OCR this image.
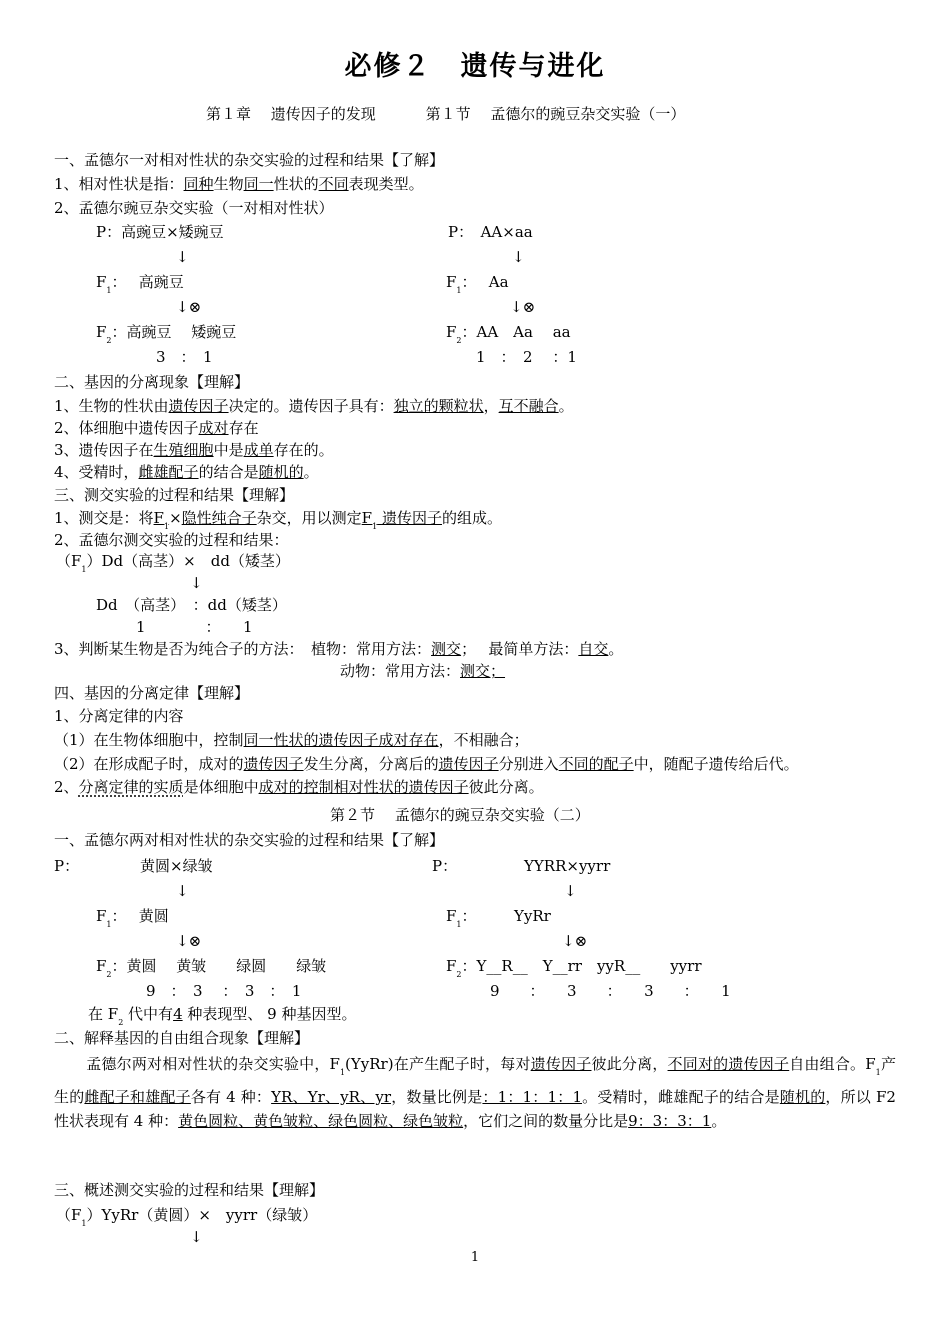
必修２　遗传与进化
第１章　 遗传因子的发现　　　	第１节　 孟德尔的豌豆杂交实验（一）
一、孟德尔一对相对性状的杂交实验的过程和结果【了解】
1、相对性状是指：同种生物同一性状的不同表现类型。
2、孟德尔豌豆杂交实验（一对相对性状）
P：高豌豆×矮豌豆
↓
$F_1$：　 高豌豆
↓⊗
$F_2$：高豌豆　 矮豌豆
3　：　1
P：　AA×aa
↓
$F_1$：　 Aa
↓⊗
$F_2$：AA　Aa　 aa
1　：　2　 ：1
二、基因的分离现象【理解】
1、生物的性状由遗传因子决定的。遗传因子具有：独立的颗粒状，互不融合。
2、体细胞中遗传因子成对存在
3、遗传因子在生殖细胞中是成单存在的。
4、受精时，雌雄配子的结合是随机的。
三、测交实验的过程和结果【理解】
1、测交是：将$F_1\times$隐性纯合子杂交，用以测定$F_1$ 遗传因子的组成。
2、孟德尔测交实验的过程和结果：
$(F_1)Dd$（高茎）×　dd（矮茎）
↓
Dd　（高茎）　：dd（矮茎）
1　　　　：　　1
3、判断某生物是否为纯合子的方法：　植物：常用方法：测交；　 最简单方法：自交。
动物：常用方法：测交；
四、基因的分离定律【理解】
1、分离定律的内容
（1）在生物体细胞中，控制同一性状的遗传因子成对存在，不相融合；
（2）在形成配子时，成对的遗传因子发生分离，分离后的遗传因子分别进入不同的配子中，随配子遗传给后代。
2、分离定律的实质是体细胞中成对的控制相对性状的遗传因子彼此分离。
第２节　 孟德尔的豌豆杂交实验（二）
一、孟德尔两对相对性状的杂交实验的过程和结果【了解】
P：	黄圆×绿皱
↓
$F_1$：　 黄圆
↓⊗
$F_2$：黄圆　 黄皱　　绿圆　　绿皱
9　：　3　 ：　3　：　1
P：	YYRR×yyrr
↓
$F_1$：　　　YyRr
↓⊗
$F_2$：Y__R__　Y__rr　yyR__　　yyrr
9　　：　　3　　：　　3　　：　　1
在 $F_2$ 代中有4 种表现型、 9 种基因型。
二、解释基因的自由组合现象【理解】
孟德尔两对相对性状的杂交实验中，$F_1(YyRr)$在产生配子时，每对遗传因子彼此分离，不同对的遗传因子自由组合。$F_1$产生的雌配子和雄配子各有 4 种：YR、Yr、yR、yr，数量比例是：1：1：1：1。受精时，雌雄配子的结合是随机的，所以 F2 性状表现有 4 种：黄色圆粒、黄色皱粒、绿色圆粒、绿色皱粒，它们之间的数量分比是9：3：3：1。
三、概述测交实验的过程和结果【理解】
$(F_1)YyRr$（黄圆）×　yyrr（绿皱）
↓
1
